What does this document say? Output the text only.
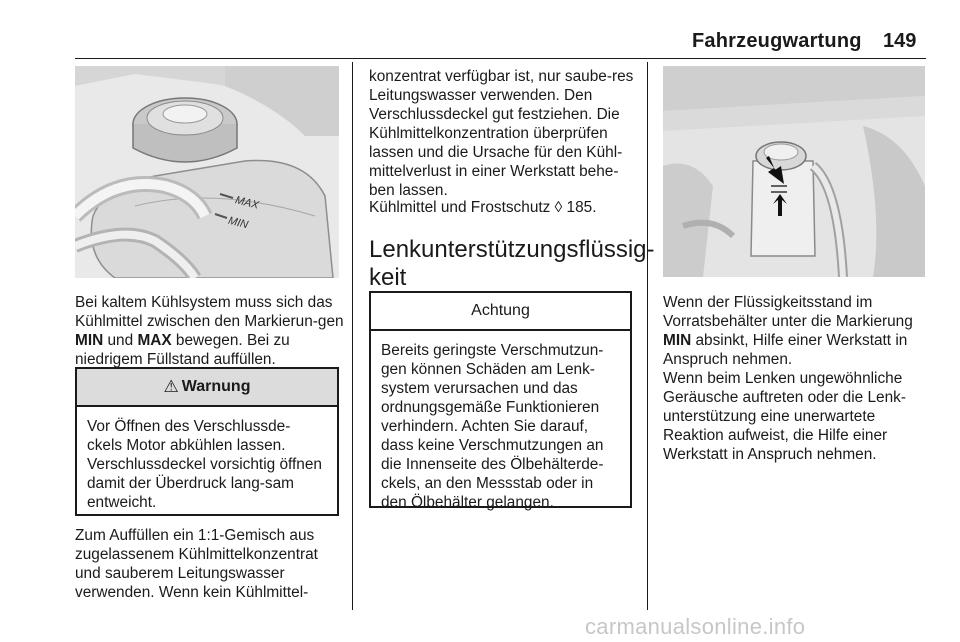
Fahrzeugwartung 149
MAX
MIN

Bei kaltem Kühlsystem muss sich das Kühlmittel zwischen den Markierun-gen MIN und MAX bewegen. Bei zu niedrigem Füllstand auffüllen.

⚠ Warnung
Vor Öffnen des Verschlussde-ckels Motor abkühlen lassen. Verschlussdeckel vorsichtig öffnen damit der Überdruck lang-sam entweicht.

Zum Auffüllen ein 1:1-Gemisch aus zugelassenem Kühlmittelkonzentrat und sauberem Leitungswasser verwenden. Wenn kein Kühlmittel-

konzentrat verfügbar ist, nur saube-res Leitungswasser verwenden. Den Verschlussdeckel gut festziehen. Die Kühlmittelkonzentration überprüfen lassen und die Ursache für den Kühl-mittelverlust in einer Werkstatt behe-ben lassen.

Kühlmittel und Frostschutz ◊ 185.

Lenkunterstützungsflüssig-
keit
Achtung
Bereits geringste Verschmutzun-gen können Schäden am Lenk-system verursachen und das ordnungsgemäße Funktionieren verhindern. Achten Sie darauf, dass keine Verschmutzungen an die Innenseite des Ölbehälterde-ckels, an den Messstab oder in den Ölbehälter gelangen.

Wenn der Flüssigkeitsstand im Vorratsbehälter unter die Markierung MIN absinkt, Hilfe einer Werkstatt in Anspruch nehmen.

Wenn beim Lenken ungewöhnliche Geräusche auftreten oder die Lenk-unterstützung eine unerwartete Reaktion aufweist, die Hilfe einer Werkstatt in Anspruch nehmen.

carmanualsonline.info
